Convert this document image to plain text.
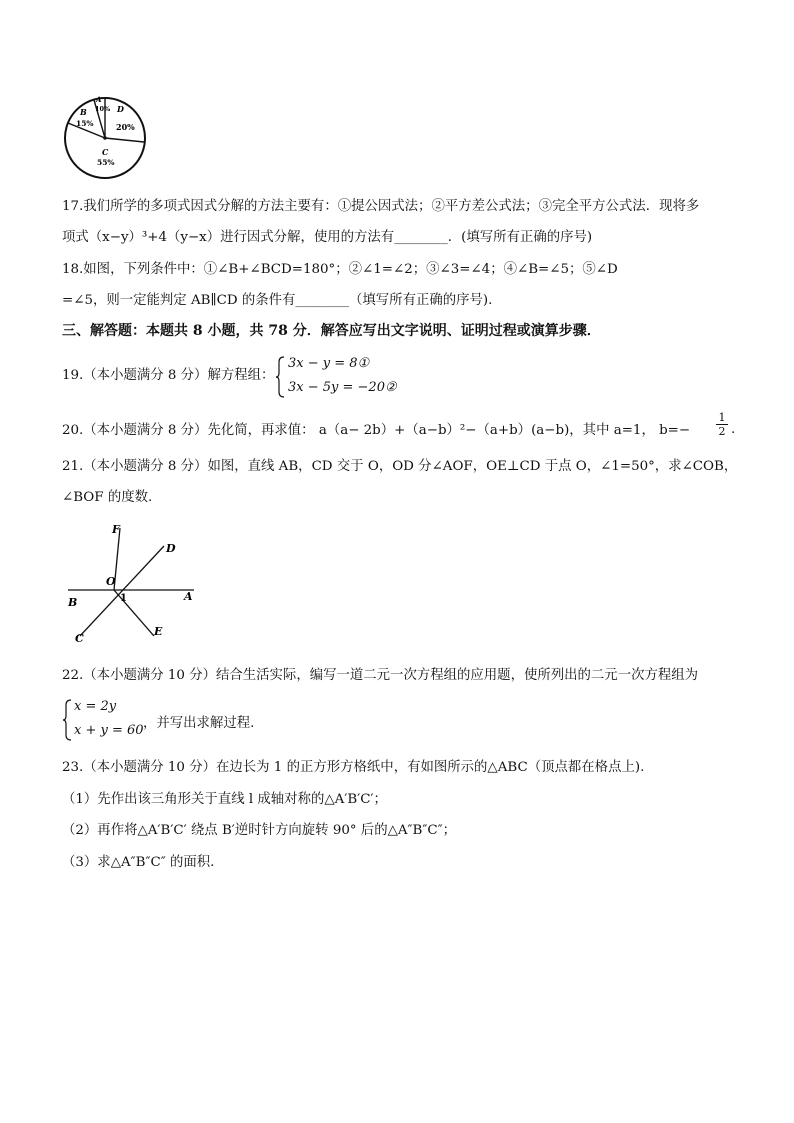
A
10%
B
15%
D
20%
C
55%
17.我们所学的多项式因式分解的方法主要有：①提公因式法；②平方差公式法；③完全平方公式法．现将多
项式（x−y）³+4（y−x）进行因式分解，使用的方法有________．(填写所有正确的序号)
18.如图，下列条件中：①∠B+∠BCD=180°；②∠1=∠2；③∠3=∠4；④∠B=∠5；⑤∠D
=∠5，则一定能判定 AB∥CD 的条件有________（填写所有正确的序号).
三、解答题：本题共 8 小题，共 78 分．解答应写出文字说明、证明过程或演算步骤．
19.（本小题满分 8 分）解方程组：
3x − y = 8①
3x − 5y = −20②
20.（本小题满分 8 分）先化简，再求值： a（a− 2b）+（a−b）²−（a+b）(a−b)，其中 a=1， b=−
1
2 .
21.（本小题满分 8 分）如图，直线 AB，CD 交于 O，OD 分∠AOF，OE⊥CD 于点 O，∠1=50°，求∠COB，
∠BOF 的度数.
F
D
O
1
B	A
C
E
22.（本小题满分 10 分）结合生活实际，编写一道二元一次方程组的应用题，使所列出的二元一次方程组为
x = 2y
x + y = 60 ，并写出求解过程.
23.（本小题满分 10 分）在边长为 1 的正方形方格纸中，有如图所示的△ABC（顶点都在格点上).
（1）先作出该三角形关于直线 l 成轴对称的△A′B′C′；
（2）再作将△A′B′C′ 绕点 B′逆时针方向旋转 90° 后的△A″B″C″；
（3）求△A″B″C″ 的面积.
